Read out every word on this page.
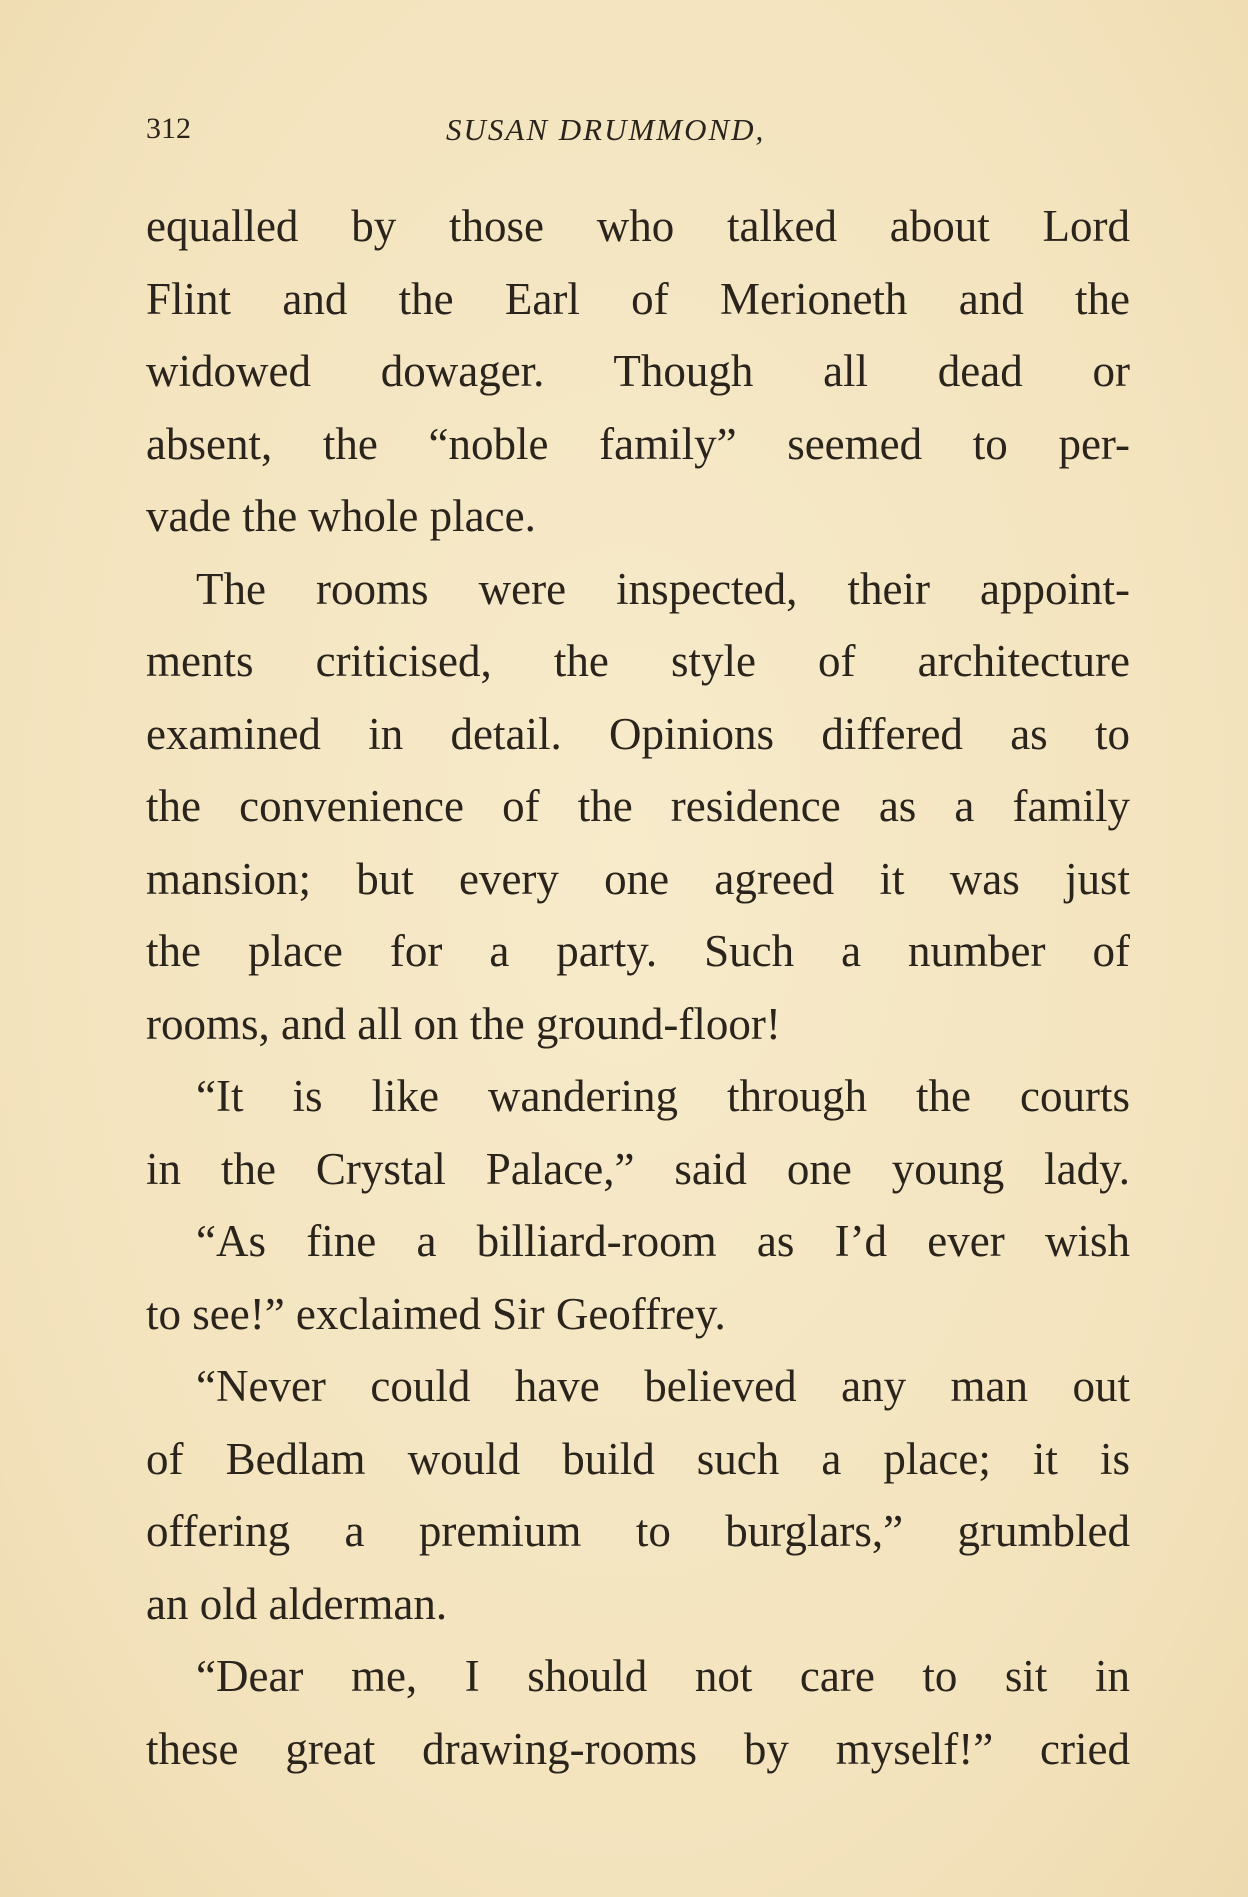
312	SUSAN DRUMMOND,
equalled by those who talked about Lord
Flint and the Earl of Merioneth and the
widowed dowager. Though all dead or
absent, the “noble family” seemed to per-
vade the whole place.
The rooms were inspected, their appoint-
ments criticised, the style of architecture
examined in detail. Opinions differed as to
the convenience of the residence as a family
mansion; but every one agreed it was just
the place for a party. Such a number of
rooms, and all on the ground-floor!
“It is like wandering through the courts
in the Crystal Palace,” said one young lady.
“As fine a billiard-room as I’d ever wish
to see!” exclaimed Sir Geoffrey.
“Never could have believed any man out
of Bedlam would build such a place; it is
offering a premium to burglars,” grumbled
an old alderman.
“Dear me, I should not care to sit in
these great drawing-rooms by myself!” cried
